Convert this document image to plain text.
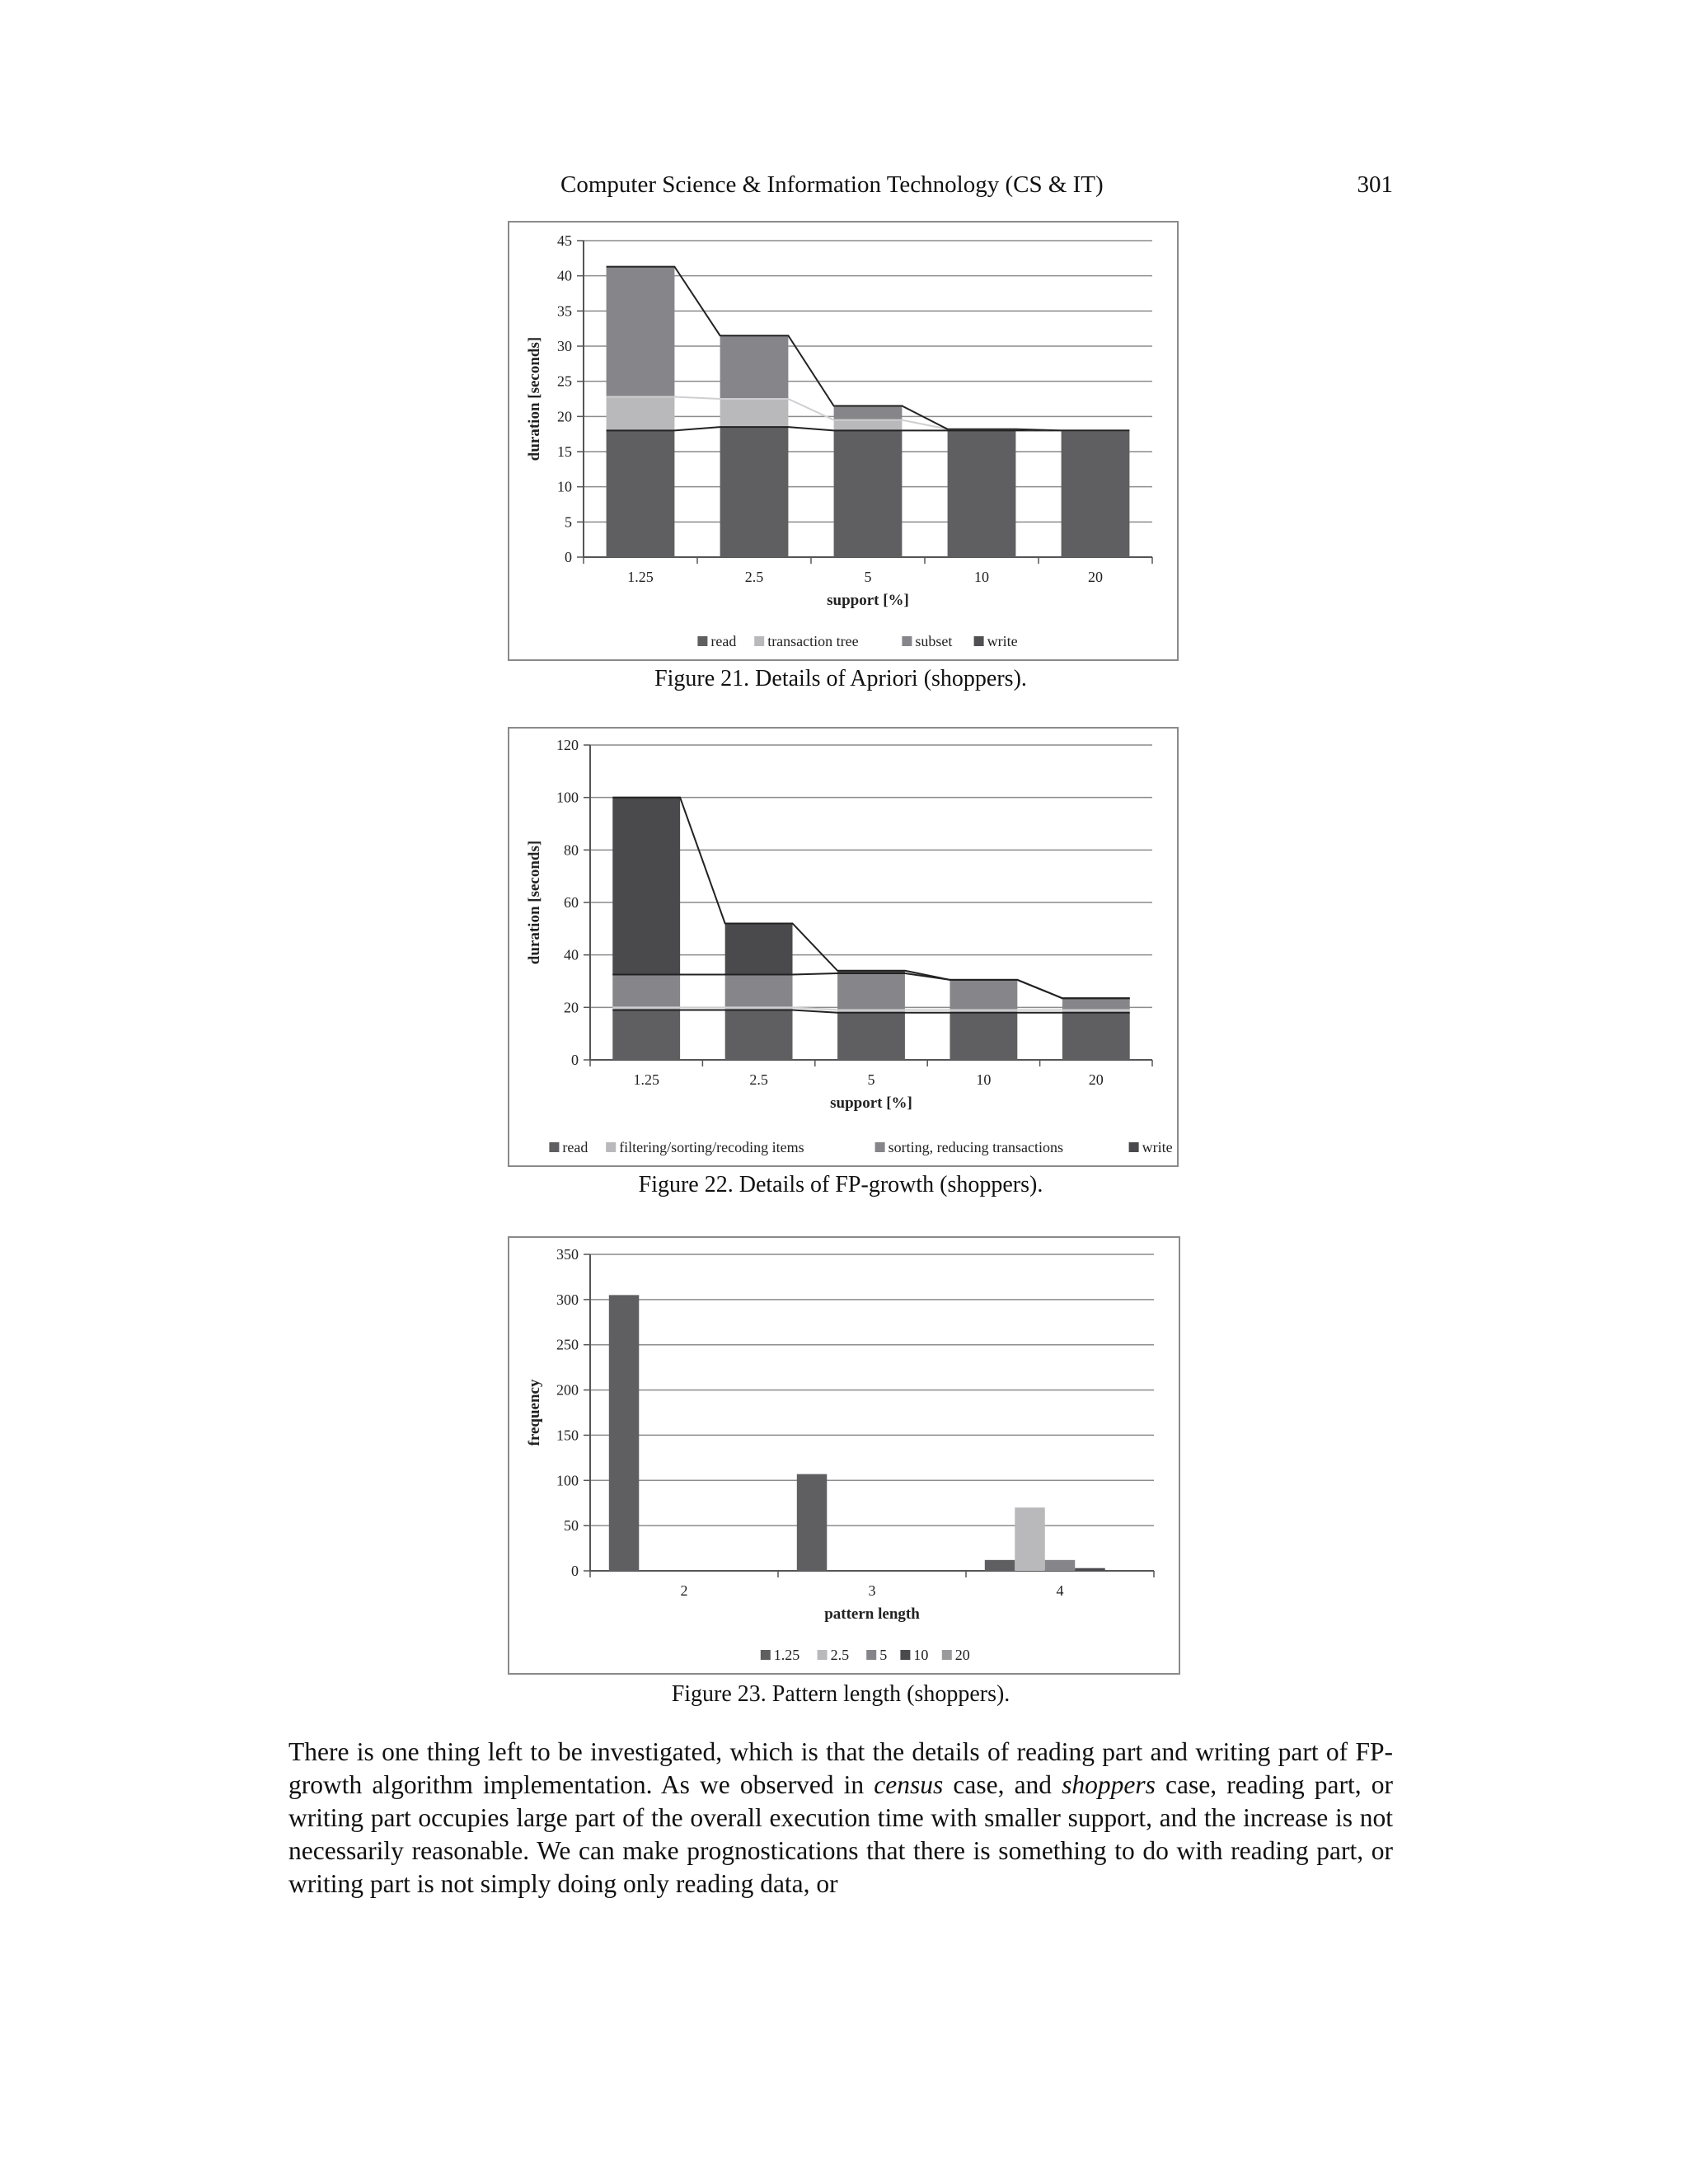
Computer Science & Information Technology (CS & IT)	301
0
5
10
15
20
25
30
35
40
45
1.25	2.5	5	10	20
support [%]
duration [seconds]
read transaction tree	subset write
Figure 21. Details of Apriori (shoppers).
0
20
40
60
80
100
120
1.25	2.5	5	10	20
support [%]
duration [seconds]
read filtering/sorting/recoding items	sorting, reducing transactions	write
Figure 22. Details of FP-growth (shoppers).
0
50
100
150
200
250
300
350
2	3	4
pattern length
frequency
1.25 2.5 5 10 20
Figure 23. Pattern length (shoppers).

There is one thing left to be investigated, which is that the details of reading part and writing part of FP-growth algorithm implementation. As we observed in census case, and shoppers case, reading part, or writing part occupies large part of the overall execution time with smaller support, and the increase is not necessarily reasonable. We can make prognostications that there is something to do with reading part, or writing part is not simply doing only reading data, or
